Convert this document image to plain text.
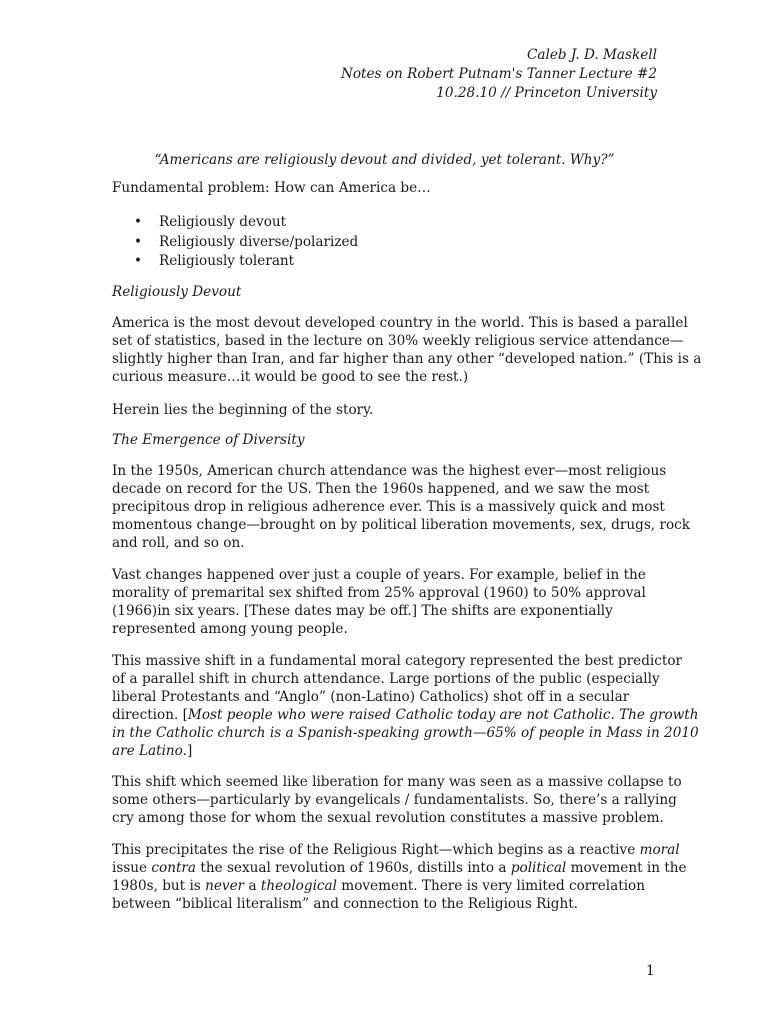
Caleb J. D. Maskell
Notes on Robert Putnam's Tanner Lecture #2
10.28.10 // Princeton University
“Americans are religiously devout and divided, yet tolerant. Why?”

Fundamental problem: How can America be…

• Religiously devout
• Religiously diverse/polarized
• Religiously tolerant

Religiously Devout

America is the most devout developed country in the world. This is based a parallel
set of statistics, based in the lecture on 30% weekly religious service attendance—
slightly higher than Iran, and far higher than any other “developed nation.” (This is a
curious measure…it would be good to see the rest.)

Herein lies the beginning of the story.

The Emergence of Diversity

In the 1950s, American church attendance was the highest ever—most religious
decade on record for the US. Then the 1960s happened, and we saw the most
precipitous drop in religious adherence ever. This is a massively quick and most
momentous change—brought on by political liberation movements, sex, drugs, rock
and roll, and so on.

Vast changes happened over just a couple of years. For example, belief in the
morality of premarital sex shifted from 25% approval (1960) to 50% approval
(1966)in six years. [These dates may be off.] The shifts are exponentially
represented among young people.

This massive shift in a fundamental moral category represented the best predictor
of a parallel shift in church attendance. Large portions of the public (especially
liberal Protestants and “Anglo” (non-Latino) Catholics) shot off in a secular
direction. [Most people who were raised Catholic today are not Catholic. The growth
in the Catholic church is a Spanish-speaking growth—65% of people in Mass in 2010
are Latino.]

This shift which seemed like liberation for many was seen as a massive collapse to
some others—particularly by evangelicals / fundamentalists. So, there’s a rallying
cry among those for whom the sexual revolution constitutes a massive problem.

This precipitates the rise of the Religious Right—which begins as a reactive moral
issue contra the sexual revolution of 1960s, distills into a political movement in the
1980s, but is never a theological movement. There is very limited correlation
between “biblical literalism” and connection to the Religious Right.

1
